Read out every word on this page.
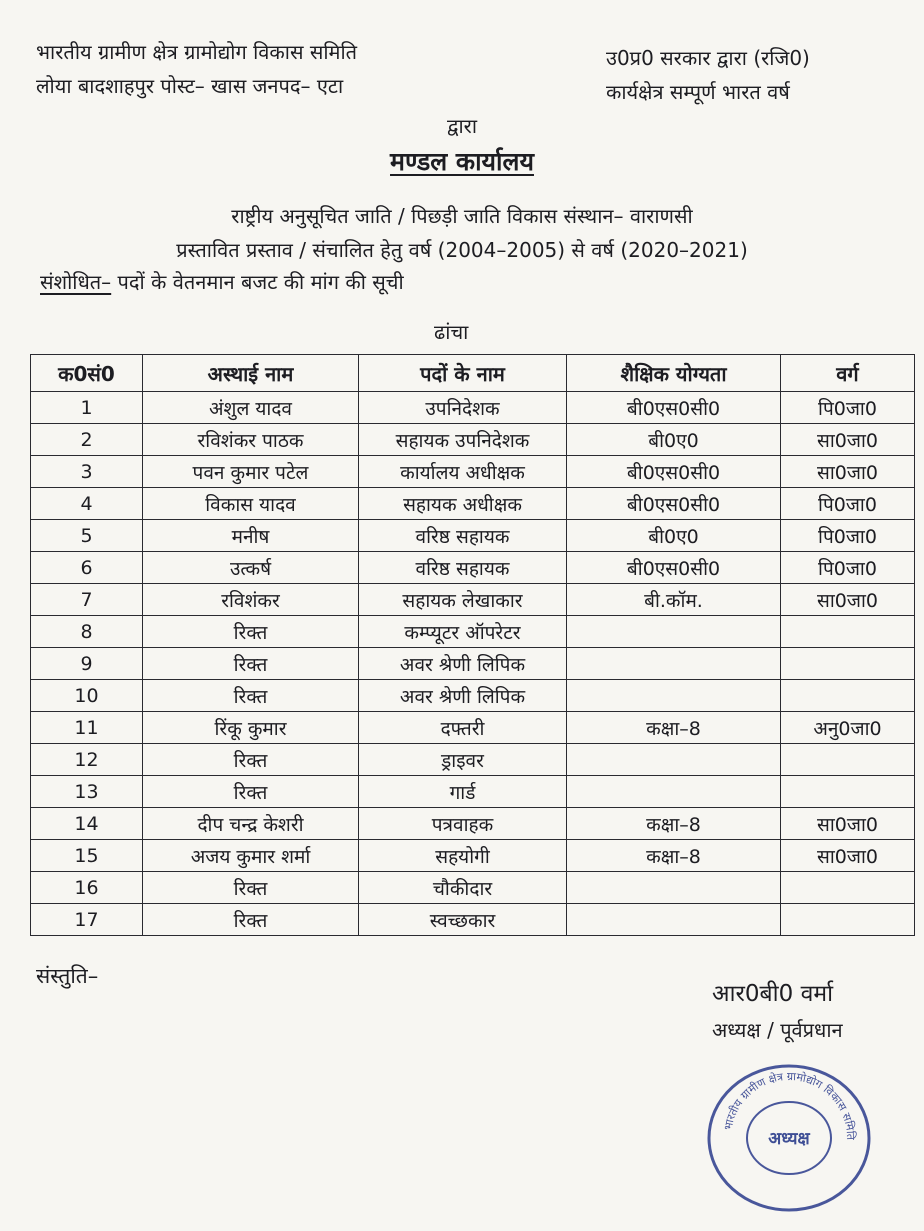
भारतीय ग्रामीण क्षेत्र ग्रामोद्योग विकास समिति
लोया बादशाहपुर पोस्ट– खास जनपद– एटा
उ0प्र0 सरकार द्वारा (रजि0)
कार्यक्षेत्र सम्पूर्ण भारत वर्ष
द्वारा
मण्डल कार्यालय
राष्ट्रीय अनुसूचित जाति / पिछड़ी जाति विकास संस्थान– वाराणसी
प्रस्तावित प्रस्ताव / संचालित हेतु वर्ष (2004–2005) से वर्ष (2020–2021)
संशोधित– पदों के वेतनमान बजट की मांग की सूची
ढांचा
क0सं0	अस्थाई नाम	पदों के नाम	शैक्षिक योग्यता	वर्ग
1	अंशुल यादव	उपनिदेशक	बी0एस0सी0	पि0जा0
2	रविशंकर पाठक	सहायक उपनिदेशक	बी0ए0	सा0जा0
3	पवन कुमार पटेल	कार्यालय अधीक्षक	बी0एस0सी0	सा0जा0
4	विकास यादव	सहायक अधीक्षक	बी0एस0सी0	पि0जा0
5	मनीष	वरिष्ठ सहायक	बी0ए0	पि0जा0
6	उत्कर्ष	वरिष्ठ सहायक	बी0एस0सी0	पि0जा0
7	रविशंकर	सहायक लेखाकार	बी.कॉम.	सा0जा0
8	रिक्त	कम्प्यूटर ऑपरेटर		
9	रिक्त	अवर श्रेणी लिपिक		
10	रिक्त	अवर श्रेणी लिपिक		
11	रिंकू कुमार	दफ्तरी	कक्षा–8	अनु0जा0
12	रिक्त	ड्राइवर		
13	रिक्त	गार्ड		
14	दीप चन्द्र केशरी	पत्रवाहक	कक्षा–8	सा0जा0
15	अजय कुमार शर्मा	सहयोगी	कक्षा–8	सा0जा0
16	रिक्त	चौकीदार		
17	रिक्त	स्वच्छकार		
संस्तुति–
आर0बी0 वर्मा
अध्यक्ष / पूर्वप्रधान
भारतीय ग्रामीण क्षेत्र ग्रामोद्योग विकास समिति
अध्यक्ष
